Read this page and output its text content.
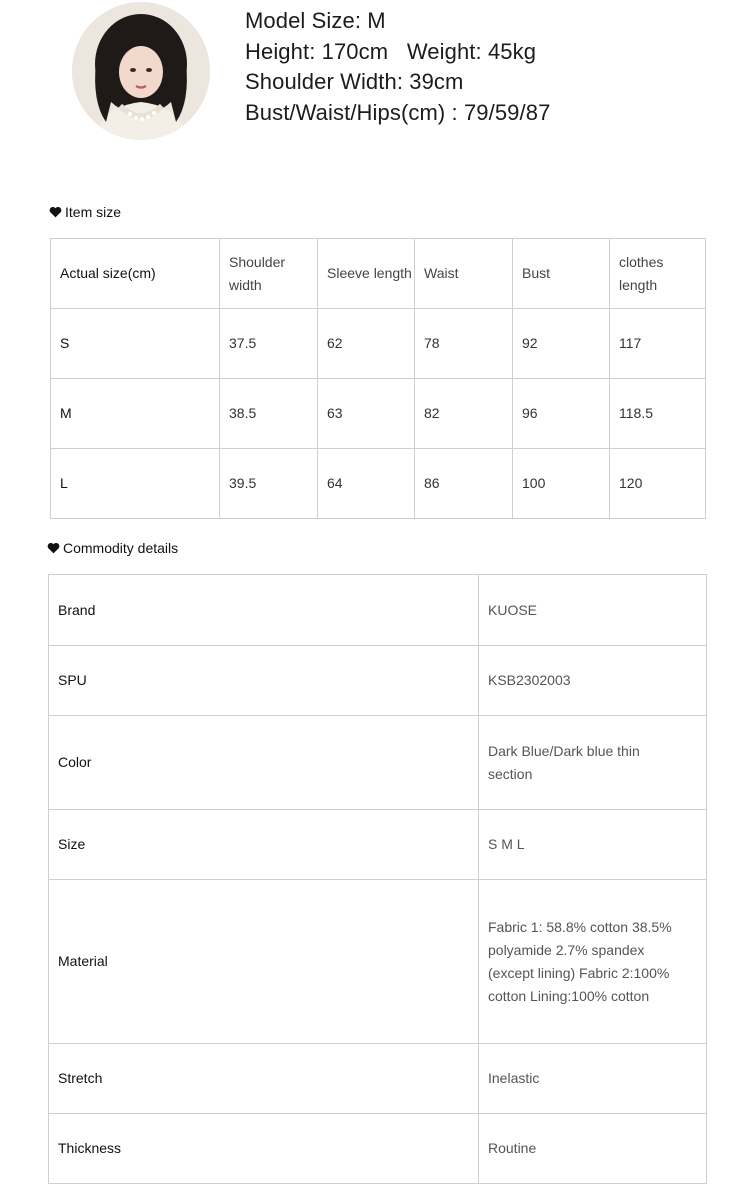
Model Size: M
Height: 170cm Weight: 45kg
Shoulder Width: 39cm
Bust/Waist/Hips(cm) : 79/59/87
Item size
Actual size(cm)	Shoulder width	Sleeve length	Waist	Bust	clothes length
S	37.5	62	78	92	117
M	38.5	63	82	96	118.5
L	39.5	64	86	100	120
Commodity details
Brand	KUOSE
SPU	KSB2302003
Color	Dark Blue/Dark blue thin section
Size	S M L
Material	Fabric 1: 58.8% cotton 38.5% polyamide 2.7% spandex (except lining) Fabric 2:100% cotton Lining:100% cotton
Stretch	Inelastic
Thickness	Routine
